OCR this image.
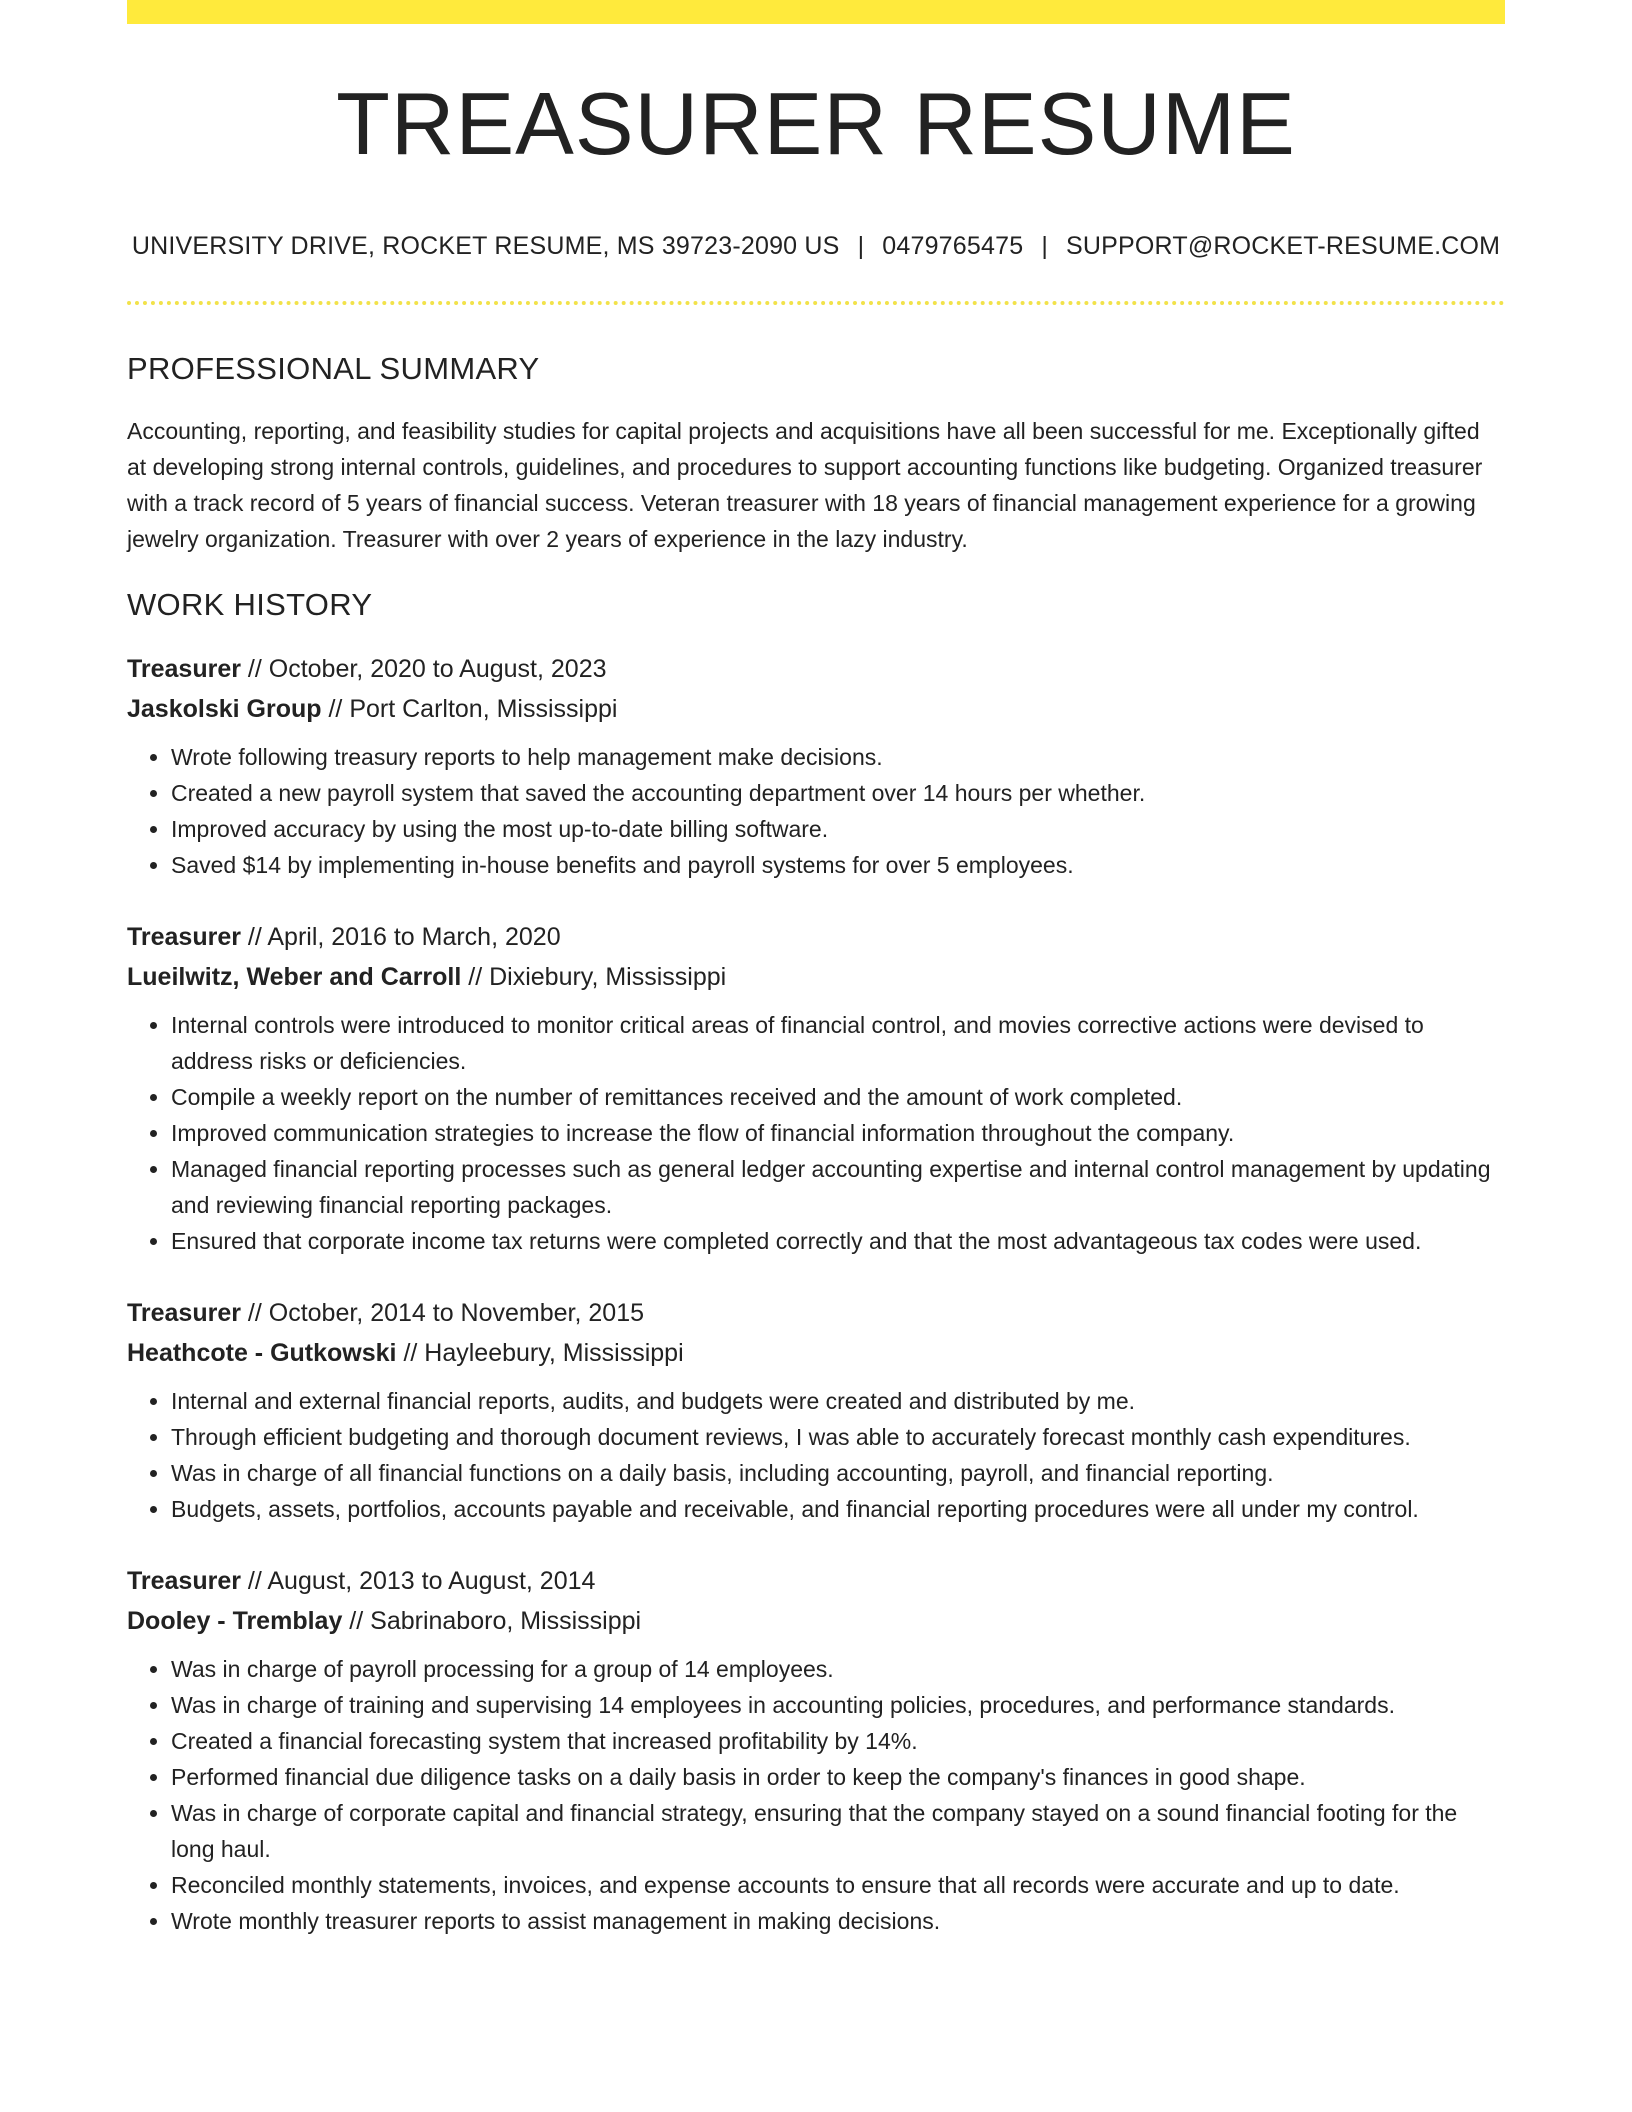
TREASURER RESUME
UNIVERSITY DRIVE, ROCKET RESUME, MS 39723-2090 US | 0479765475 | SUPPORT@ROCKET-RESUME.COM
PROFESSIONAL SUMMARY

Accounting, reporting, and feasibility studies for capital projects and acquisitions have all been successful for me. Exceptionally gifted at developing strong internal controls, guidelines, and procedures to support accounting functions like budgeting. Organized treasurer with a track record of 5 years of financial success. Veteran treasurer with 18 years of financial management experience for a growing jewelry organization. Treasurer with over 2 years of experience in the lazy industry.

WORK HISTORY
Treasurer // October, 2020 to August, 2023
Jaskolski Group // Port Carlton, Mississippi
• Wrote following treasury reports to help management make decisions.
• Created a new payroll system that saved the accounting department over 14 hours per whether.
• Improved accuracy by using the most up-to-date billing software.
• Saved $14 by implementing in-house benefits and payroll systems for over 5 employees.
Treasurer // April, 2016 to March, 2020
Lueilwitz, Weber and Carroll // Dixiebury, Mississippi
• Internal controls were introduced to monitor critical areas of financial control, and movies corrective actions were devised to address risks or deficiencies.
• Compile a weekly report on the number of remittances received and the amount of work completed.
• Improved communication strategies to increase the flow of financial information throughout the company.
• Managed financial reporting processes such as general ledger accounting expertise and internal control management by updating and reviewing financial reporting packages.
• Ensured that corporate income tax returns were completed correctly and that the most advantageous tax codes were used.
Treasurer // October, 2014 to November, 2015
Heathcote - Gutkowski // Hayleebury, Mississippi
• Internal and external financial reports, audits, and budgets were created and distributed by me.
• Through efficient budgeting and thorough document reviews, I was able to accurately forecast monthly cash expenditures.
• Was in charge of all financial functions on a daily basis, including accounting, payroll, and financial reporting.
• Budgets, assets, portfolios, accounts payable and receivable, and financial reporting procedures were all under my control.
Treasurer // August, 2013 to August, 2014
Dooley - Tremblay // Sabrinaboro, Mississippi
• Was in charge of payroll processing for a group of 14 employees.
• Was in charge of training and supervising 14 employees in accounting policies, procedures, and performance standards.
• Created a financial forecasting system that increased profitability by 14%.
• Performed financial due diligence tasks on a daily basis in order to keep the company's finances in good shape.
• Was in charge of corporate capital and financial strategy, ensuring that the company stayed on a sound financial footing for the long haul.
• Reconciled monthly statements, invoices, and expense accounts to ensure that all records were accurate and up to date.
• Wrote monthly treasurer reports to assist management in making decisions.
